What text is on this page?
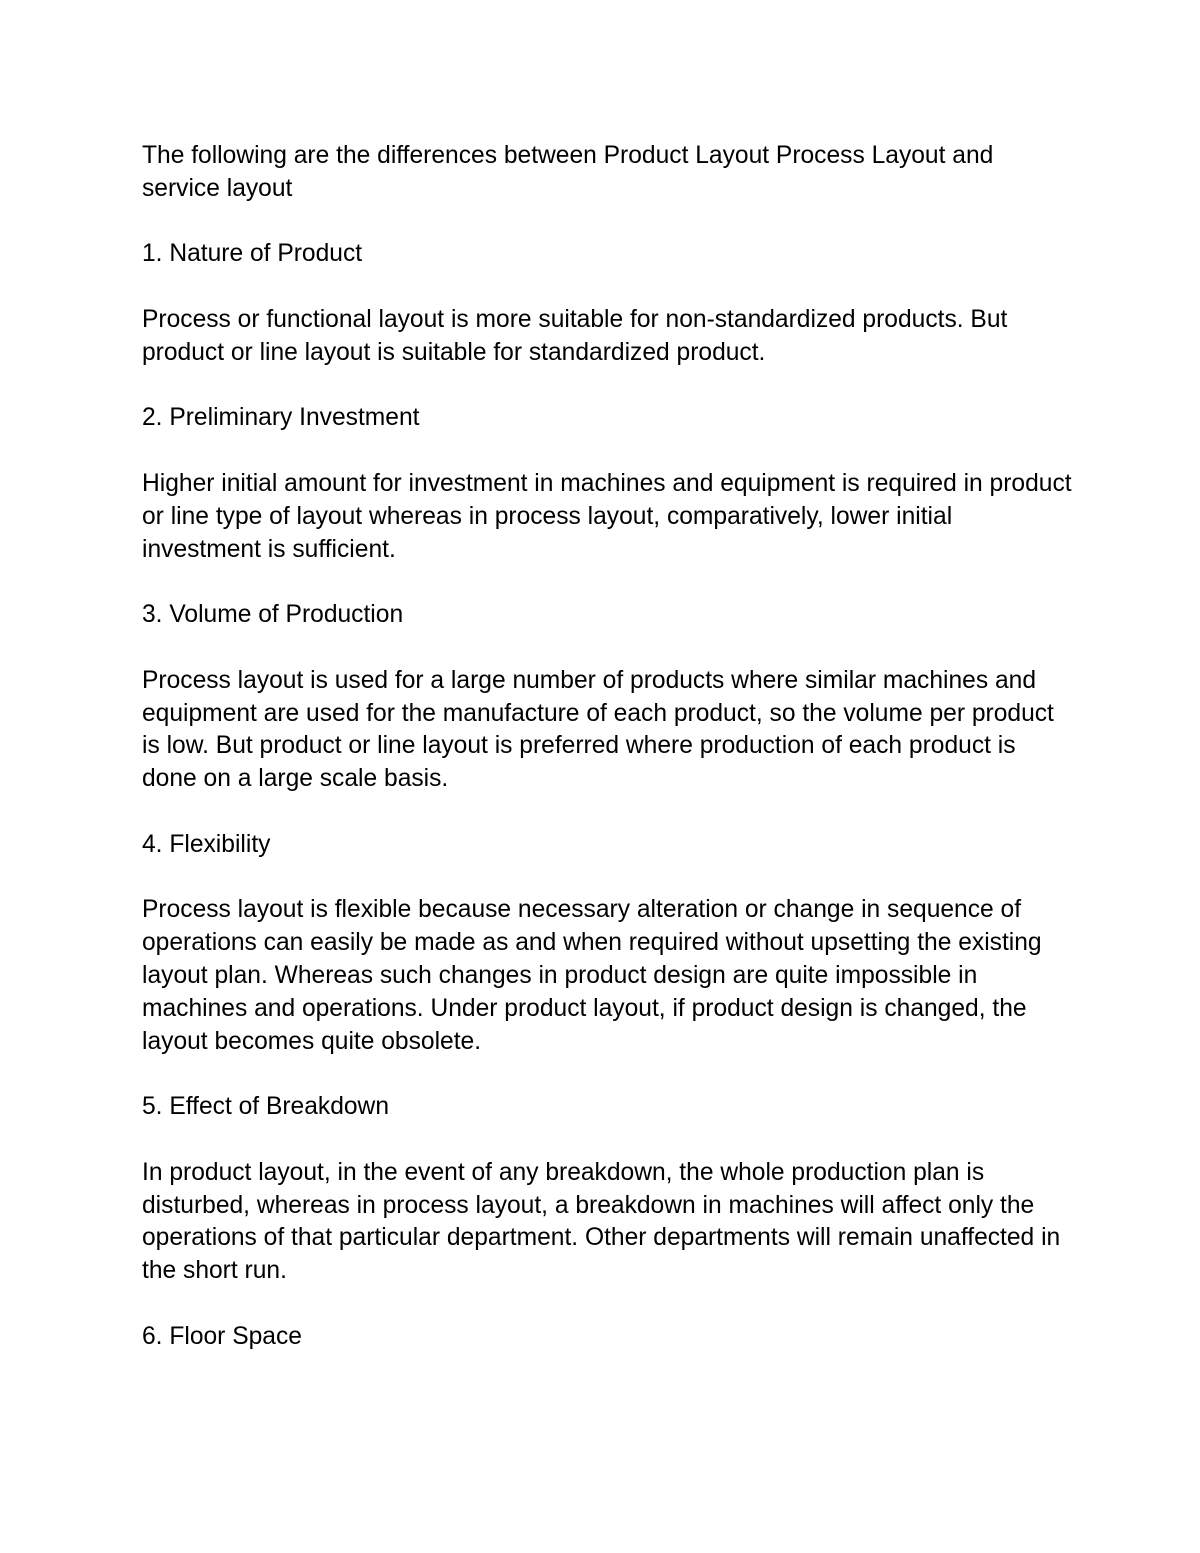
The following are the differences between Product Layout Process Layout and service layout

1. Nature of Product

Process or functional layout is more suitable for non-standardized products. But product or line layout is suitable for standardized product.

2. Preliminary Investment

Higher initial amount for investment in machines and equipment is required in product or line type of layout whereas in process layout, comparatively, lower initial investment is sufficient.

3. Volume of Production

Process layout is used for a large number of products where similar machines and equipment are used for the manufacture of each product, so the volume per product is low. But product or line layout is preferred where production of each product is done on a large scale basis.

4. Flexibility

Process layout is flexible because necessary alteration or change in sequence of operations can easily be made as and when required without upsetting the existing layout plan. Whereas such changes in product design are quite impossible in machines and operations. Under product layout, if product design is changed, the layout becomes quite obsolete.

5. Effect of Breakdown

In product layout, in the event of any breakdown, the whole production plan is disturbed, whereas in process layout, a breakdown in machines will affect only the operations of that particular department. Other departments will remain unaffected in the short run.

6. Floor Space
